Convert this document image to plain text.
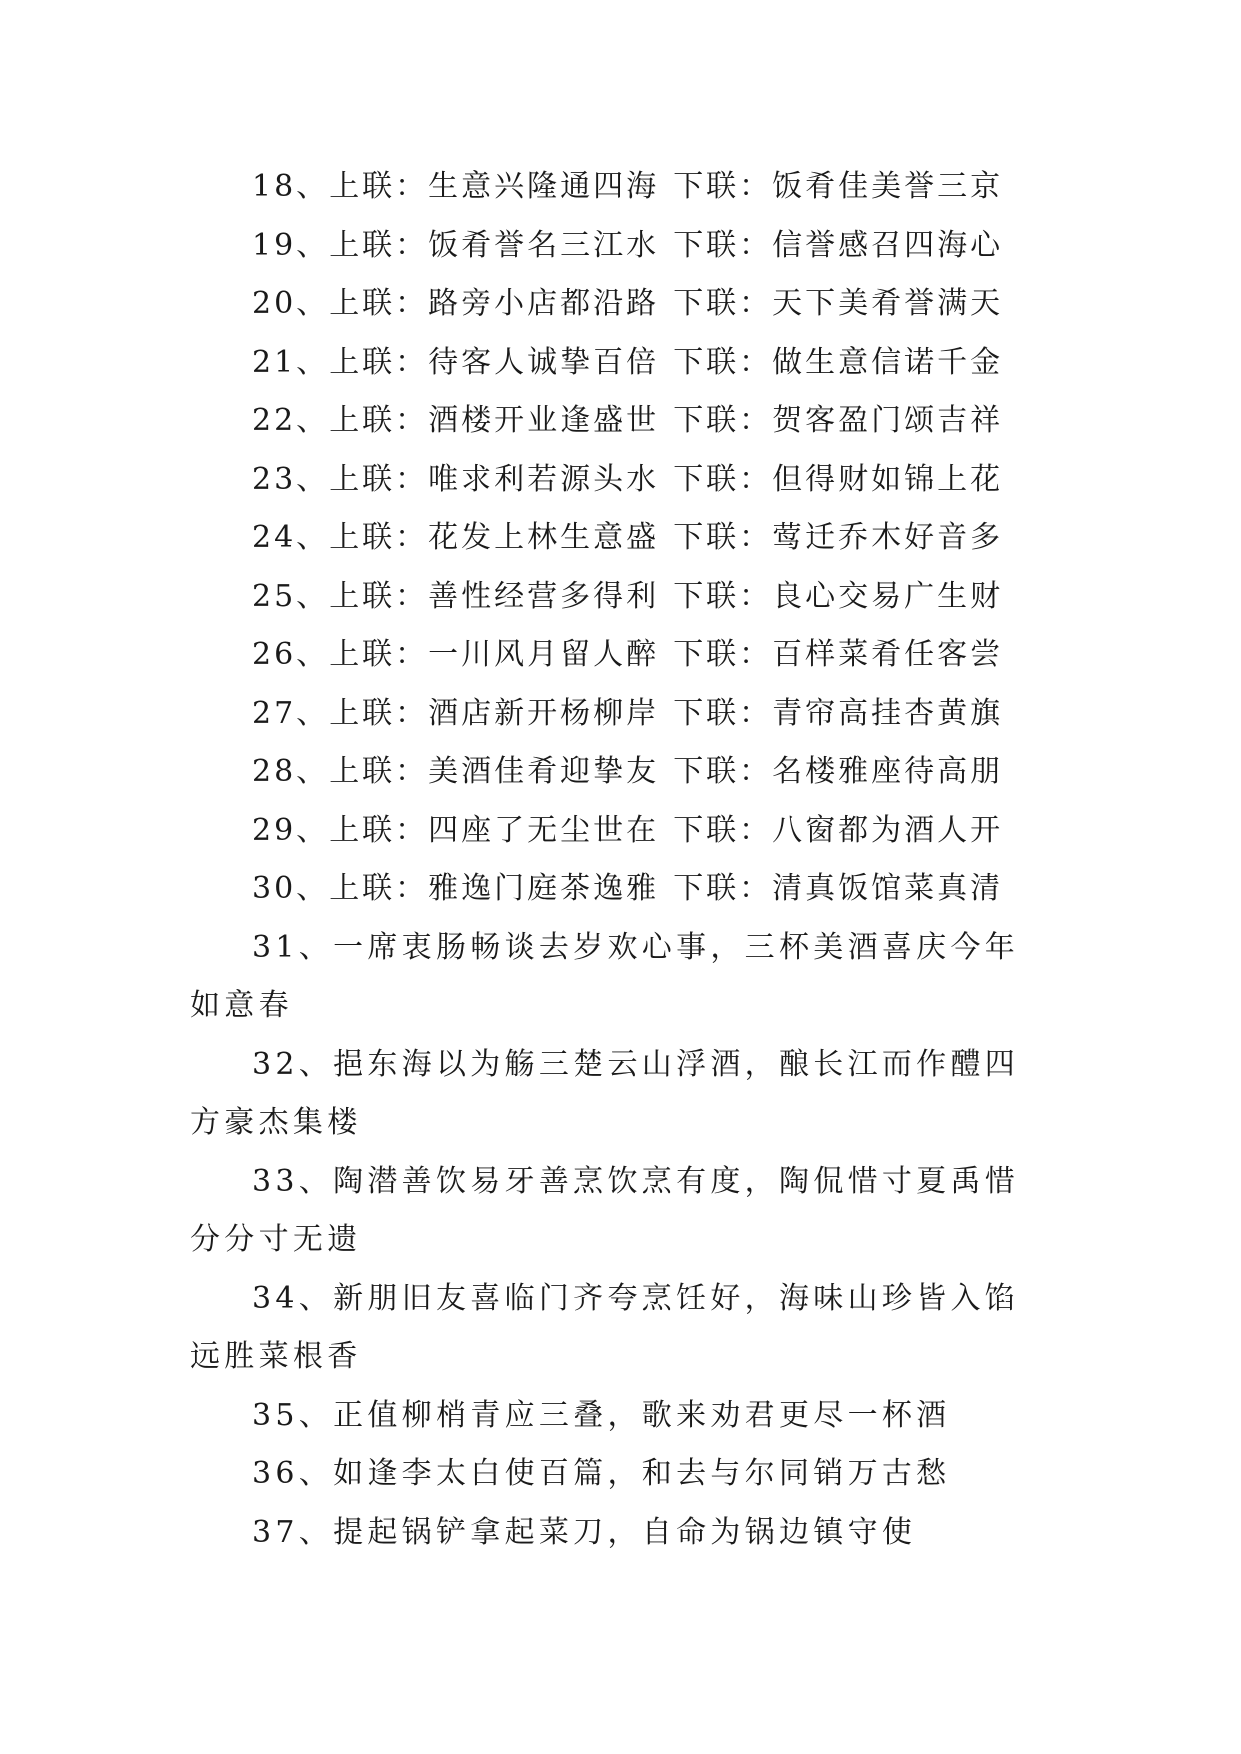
18、上联：生意兴隆通四海 下联：饭肴佳美誉三京
19、上联：饭肴誉名三江水 下联：信誉感召四海心
20、上联：路旁小店都沿路 下联：天下美肴誉满天
21、上联：待客人诚挚百倍 下联：做生意信诺千金
22、上联：酒楼开业逢盛世 下联：贺客盈门颂吉祥
23、上联：唯求利若源头水 下联：但得财如锦上花
24、上联：花发上林生意盛 下联：莺迁乔木好音多
25、上联：善性经营多得利 下联：良心交易广生财
26、上联：一川风月留人醉 下联：百样菜肴任客尝
27、上联：酒店新开杨柳岸 下联：青帘高挂杏黄旗
28、上联：美酒佳肴迎挚友 下联：名楼雅座待高朋
29、上联：四座了无尘世在 下联：八窗都为酒人开
30、上联：雅逸门庭茶逸雅 下联：清真饭馆菜真清

31、一席衷肠畅谈去岁欢心事，三杯美酒喜庆今年如意春

32、挹东海以为觞三楚云山浮酒，酿长江而作醴四方豪杰集楼

33、陶潜善饮易牙善烹饮烹有度，陶侃惜寸夏禹惜分分寸无遗

34、新朋旧友喜临门齐夸烹饪好，海味山珍皆入馅远胜菜根香

35、正值柳梢青应三叠，歌来劝君更尽一杯酒
36、如逢李太白使百篇，和去与尔同销万古愁
37、提起锅铲拿起菜刀，自命为锅边镇守使
